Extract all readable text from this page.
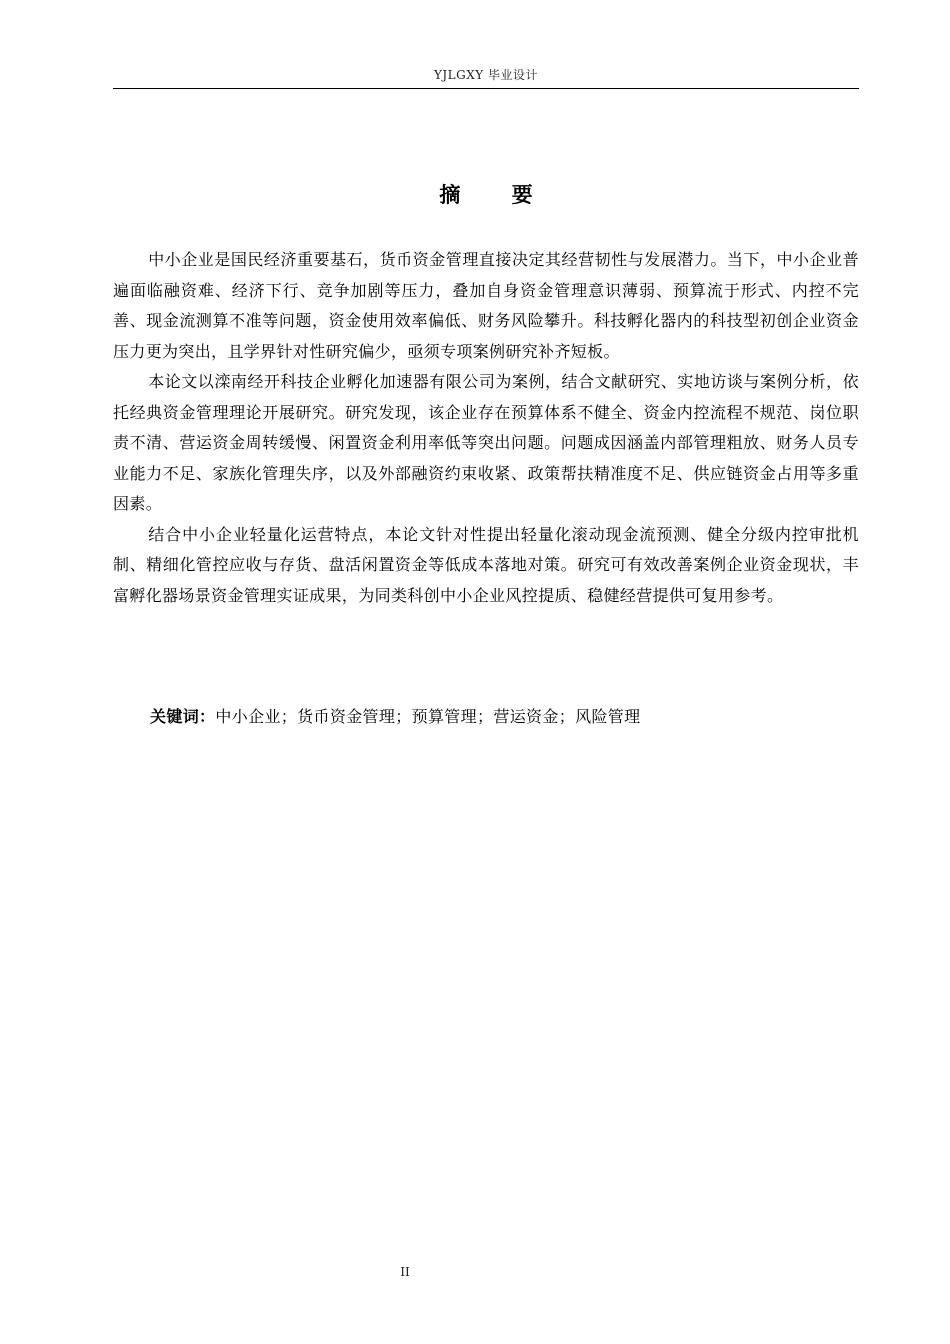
YJLGXY 毕业设计
摘 要

中小企业是国民经济重要基石，货币资金管理直接决定其经营韧性与发展潜力。当下，中小企业普遍面临融资难、经济下行、竞争加剧等压力，叠加自身资金管理意识薄弱、预算流于形式、内控不完善、现金流测算不准等问题，资金使用效率偏低、财务风险攀升。科技孵化器内的科技型初创企业资金压力更为突出，且学界针对性研究偏少，亟须专项案例研究补齐短板。

本论文以滦南经开科技企业孵化加速器有限公司为案例，结合文献研究、实地访谈与案例分析，依托经典资金管理理论开展研究。研究发现，该企业存在预算体系不健全、资金内控流程不规范、岗位职责不清、营运资金周转缓慢、闲置资金利用率低等突出问题。问题成因涵盖内部管理粗放、财务人员专业能力不足、家族化管理失序，以及外部融资约束收紧、政策帮扶精准度不足、供应链资金占用等多重因素。

结合中小企业轻量化运营特点，本论文针对性提出轻量化滚动现金流预测、健全分级内控审批机制、精细化管控应收与存货、盘活闲置资金等低成本落地对策。研究可有效改善案例企业资金现状，丰富孵化器场景资金管理实证成果，为同类科创中小企业风控提质、稳健经营提供可复用参考。

关键词：中小企业；货币资金管理；预算管理；营运资金；风险管理
II
